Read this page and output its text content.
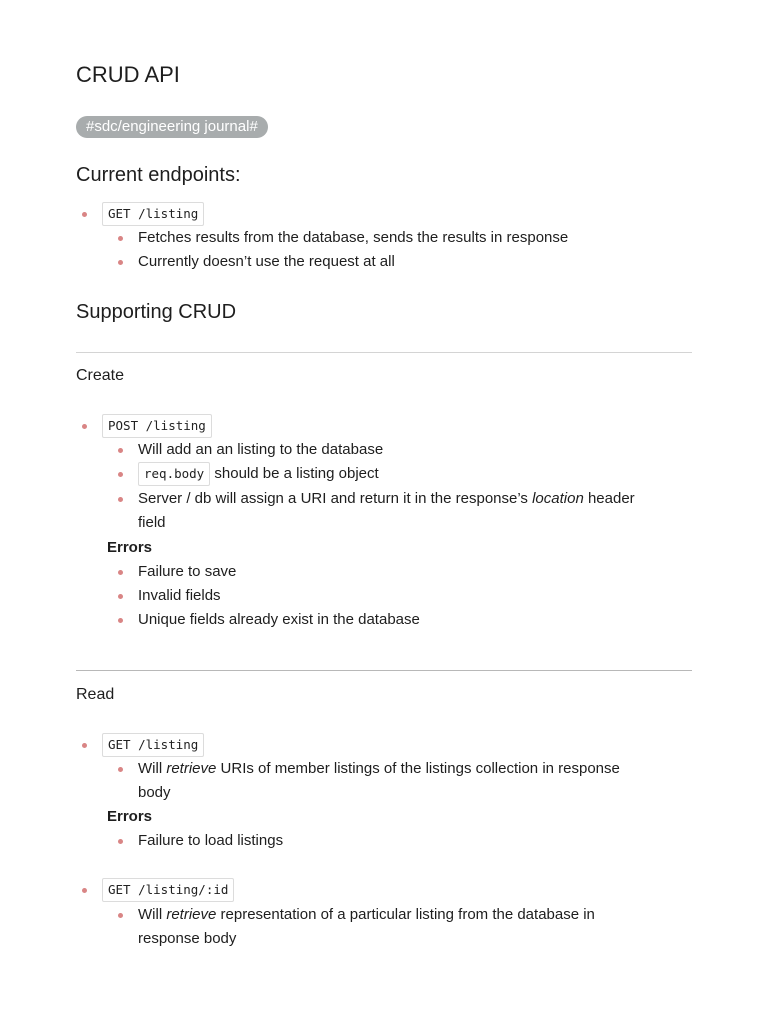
CRUD API
#sdc/engineering journal#
Current endpoints:
GET /listing
Fetches results from the database, sends the results in response
Currently doesn’t use the request at all
Supporting CRUD
Create
POST /listing
Will add an an listing to the database
req.body should be a listing object
Server / db will assign a URI and return it in the response’s location header
field
Errors
Failure to save
Invalid fields
Unique fields already exist in the database
Read
GET /listing
Will retrieve URIs of member listings of the listings collection in response
body
Errors
Failure to load listings
GET /listing/:id
Will retrieve representation of a particular listing from the database in
response body
